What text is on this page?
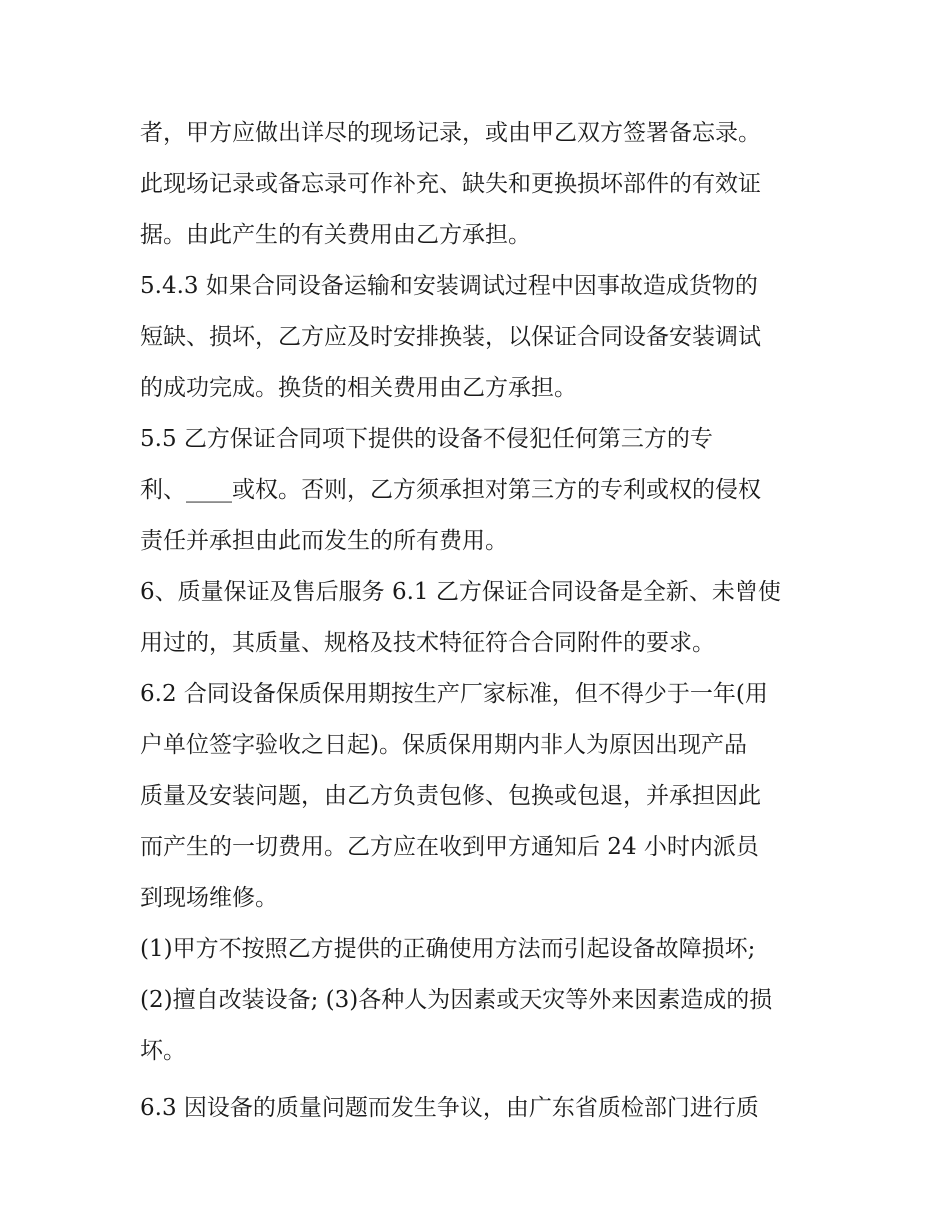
者，甲方应做出详尽的现场记录，或由甲乙双方签署备忘录。
此现场记录或备忘录可作补充、缺失和更换损坏部件的有效证
据。由此产生的有关费用由乙方承担。
5.4.3 如果合同设备运输和安装调试过程中因事故造成货物的
短缺、损坏，乙方应及时安排换装，以保证合同设备安装调试
的成功完成。换货的相关费用由乙方承担。
5.5 乙方保证合同项下提供的设备不侵犯任何第三方的专
利、____或权。否则，乙方须承担对第三方的专利或权的侵权
责任并承担由此而发生的所有费用。
6、质量保证及售后服务 6.1 乙方保证合同设备是全新、未曾使
用过的，其质量、规格及技术特征符合合同附件的要求。
6.2 合同设备保质保用期按生产厂家标准，但不得少于一年(用
户单位签字验收之日起)。保质保用期内非人为原因出现产品
质量及安装问题，由乙方负责包修、包换或包退，并承担因此
而产生的一切费用。乙方应在收到甲方通知后 24 小时内派员
到现场维修。
(1)甲方不按照乙方提供的正确使用方法而引起设备故障损坏;
(2)擅自改装设备; (3)各种人为因素或天灾等外来因素造成的损
坏。
6.3 因设备的质量问题而发生争议，由广东省质检部门进行质
